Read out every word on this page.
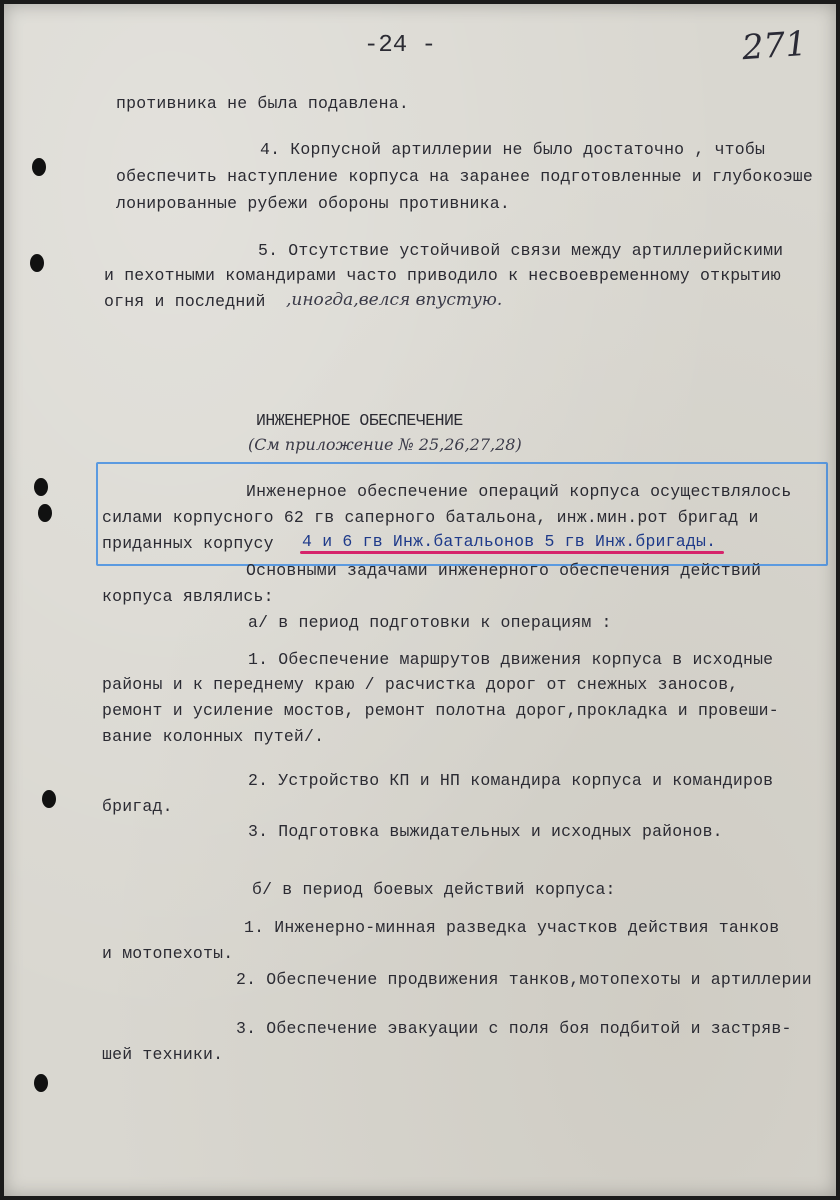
-24 -	271
противника не была подавлена.
4. Корпусной артиллерии не было достаточно , чтобы
обеспечить наступление корпуса на заранее подготовленные и глубокоэше
лонированные рубежи обороны противника.
5. Отсутствие устойчивой связи между артиллерийскими
и пехотными командирами часто приводило к несвоевременному открытию
огня и последний ,иногда,велся впустую.
ИНЖЕНЕРНОЕ ОБЕСПЕЧЕНИЕ
(См приложение № 25,26,27,28)
Инженерное обеспечение операций корпуса осуществлялось
силами корпусного 62 гв саперного батальона, инж.мин.рот бригад и
приданных корпусу 4 и 6 гв Инж.батальонов 5 гв Инж.бригады.
Основными задачами инженерного обеспечения действий
корпуса являлись:
а/ в период подготовки к операциям :
1. Обеспечение маршрутов движения корпуса в исходные
районы и к переднему краю / расчистка дорог от снежных заносов,
ремонт и усиление мостов, ремонт полотна дорог,прокладка и провеши-
вание колонных путей/.
2. Устройство КП и НП командира корпуса и командиров
бригад.
3. Подготовка выжидательных и исходных районов.
б/ в период боевых действий корпуса:
1. Инженерно-минная разведка участков действия танков
и мотопехоты.
2. Обеспечение продвижения танков,мотопехоты и артиллерии
3. Обеспечение эвакуации с поля боя подбитой и застряв-
шей техники.
